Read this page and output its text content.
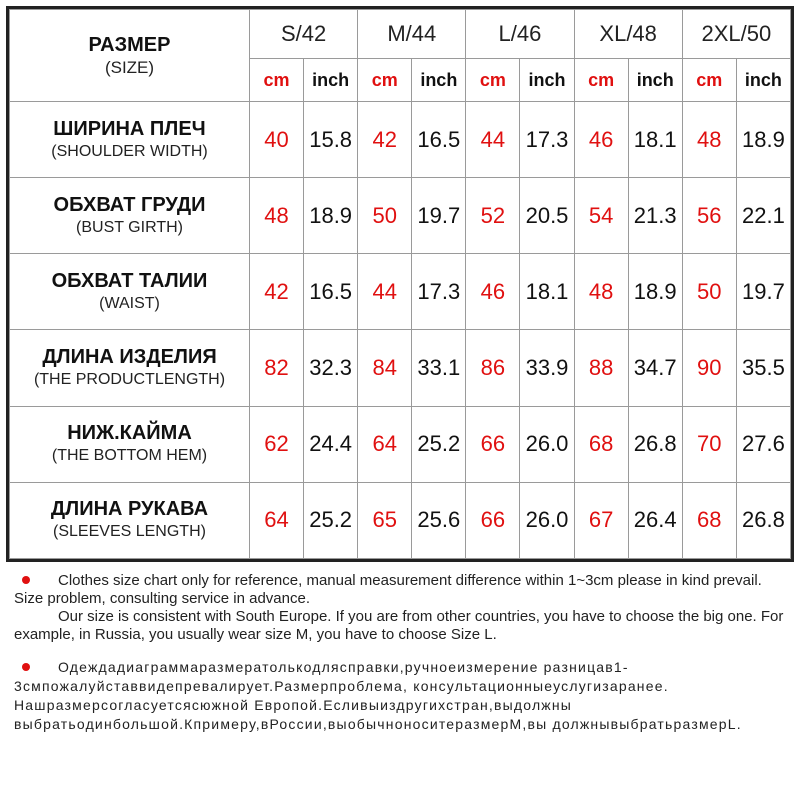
РАЗМЕР
(SIZE)	S/42		M/44		L/46		XL/48		2XL/50	
	cm	inch	cm	inch	cm	inch	cm	inch	cm	inch

ШИРИНА ПЛЕЧ
(SHOULDER WIDTH)	40	15.8	42	16.5	44	17.3	46	18.1	48	18.9

ОБХВАТ ГРУДИ
(BUST GIRTH)	48	18.9	50	19.7	52	20.5	54	21.3	56	22.1

ОБХВАТ ТАЛИИ
(WAIST)	42	16.5	44	17.3	46	18.1	48	18.9	50	19.7

ДЛИНА ИЗДЕЛИЯ
(THE PRODUCTLENGTH)	82	32.3	84	33.1	86	33.9	88	34.7	90	35.5

НИЖ.КАЙМА
(THE BOTTOM HEM)	62	24.4	64	25.2	66	26.0	68	26.8	70	27.6

ДЛИНА РУКАВА
(SLEEVES LENGTH)	64	25.2	65	25.6	66	26.0	67	26.4	68	26.8
Clothes size chart only for reference, manual measurement difference within 1~3cm please in kind prevail. Size problem, consulting service in advance.
Our size is consistent with South Europe. If you are from other countries, you have to choose the big one. For example, in Russia, you usually wear size M, you have to choose Size L.
Одеждадиаграммаразмератолькодляспрaвки,ручноеизмерение разницав1-3смпожалуйставвидепревалирует.Размерпроблема, консультационныеуслугизаранее.
Нашразмерсогласуетсясюжной Европой.Есливыиздругихстран,выдолжны выбратьодинбольшой.Кпримеру,вРоссии,выобычноноситеразмерM,вы должнывыбратьразмерL.
